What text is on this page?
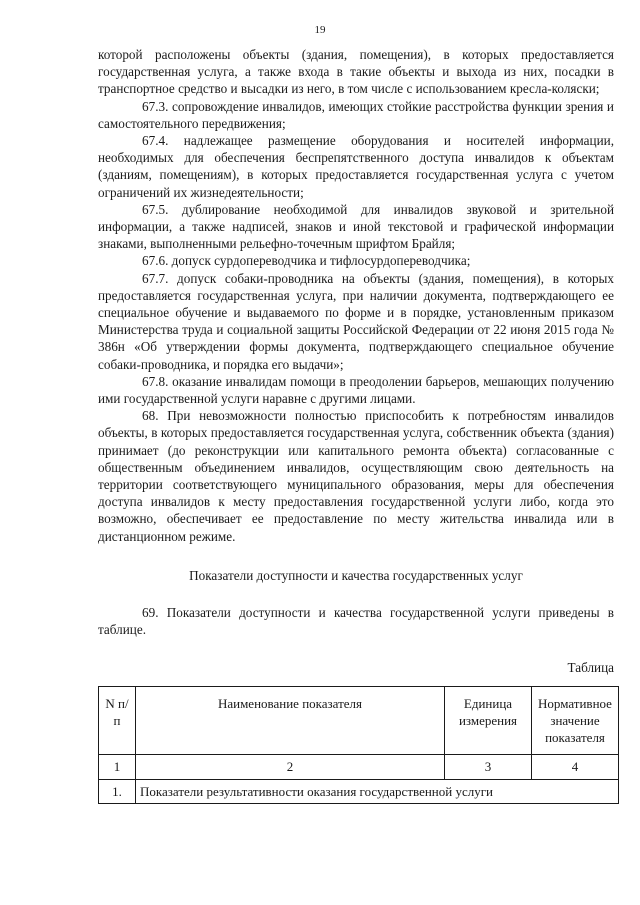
19

которой расположены объекты (здания, помещения), в которых предоставляется государственная услуга, а также входа в такие объекты и выхода из них, посадки в транспортное средство и высадки из него, в том числе с использованием кресла-коляски;

67.3. сопровождение инвалидов, имеющих стойкие расстройства функции зрения и самостоятельного передвижения;

67.4. надлежащее размещение оборудования и носителей информации, необходимых для обеспечения беспрепятственного доступа инвалидов к объектам (зданиям, помещениям), в которых предоставляется государственная услуга с учетом ограничений их жизнедеятельности;

67.5. дублирование необходимой для инвалидов звуковой и зрительной информации, а также надписей, знаков и иной текстовой и графической информации знаками, выполненными рельефно-точечным шрифтом Брайля;

67.6. допуск сурдопереводчика и тифлосурдопереводчика;

67.7. допуск собаки-проводника на объекты (здания, помещения), в которых предоставляется государственная услуга, при наличии документа, подтверждающего ее специальное обучение и выдаваемого по форме и в порядке, установленным приказом Министерства труда и социальной защиты Российской Федерации от 22 июня 2015 года № 386н «Об утверждении формы документа, подтверждающего специальное обучение собаки-проводника, и порядка его выдачи»;

67.8. оказание инвалидам помощи в преодолении барьеров, мешающих получению ими государственной услуги наравне с другими лицами.

68. При невозможности полностью приспособить к потребностям инвалидов объекты, в которых предоставляется государственная услуга, собственник объекта (здания) принимает (до реконструкции или капитального ремонта объекта) согласованные с общественным объединением инвалидов, осуществляющим свою деятельность на территории соответствующего муниципального образования, меры для обеспечения доступа инвалидов к месту предоставления государственной услуги либо, когда это возможно, обеспечивает ее предоставление по месту жительства инвалида или в дистанционном режиме.

Показатели доступности и качества государственных услуг

69. Показатели доступности и качества государственной услуги приведены в таблице.

Таблица
N п/п	Наименование показателя	Единица измерения	Нормативное значение показателя
1	2	3	4
1.	Показатели результативности оказания государственной услуги		
